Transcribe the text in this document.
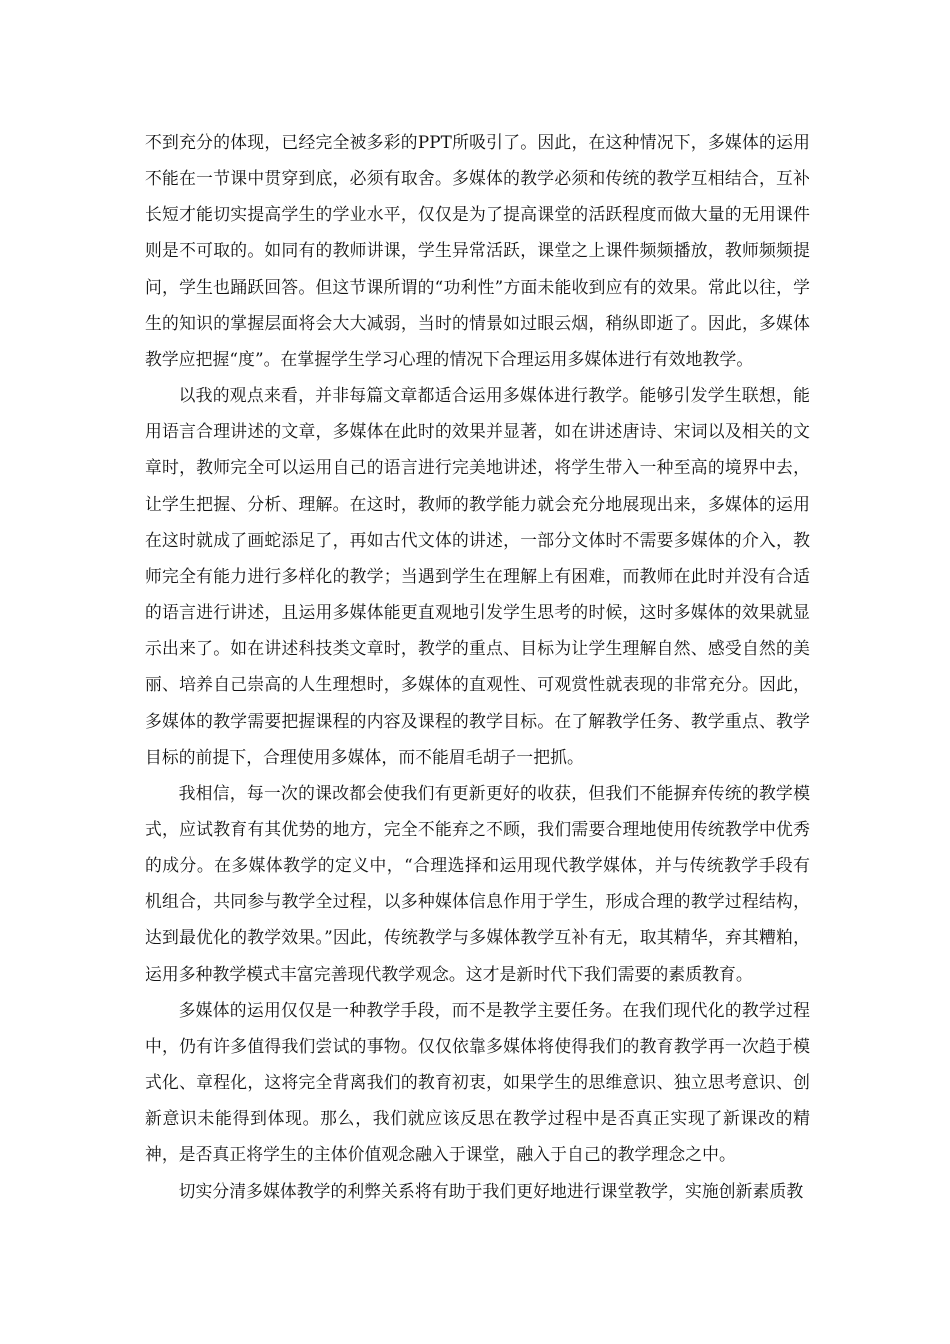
不到充分的体现，已经完全被多彩的PPT所吸引了。因此，在这种情况下，多媒体的运用不能在一节课中贯穿到底，必须有取舍。多媒体的教学必须和传统的教学互相结合，互补长短才能切实提高学生的学业水平，仅仅是为了提高课堂的活跃程度而做大量的无用课件则是不可取的。如同有的教师讲课，学生异常活跃，课堂之上课件频频播放，教师频频提问，学生也踊跃回答。但这节课所谓的“功利性”方面未能收到应有的效果。常此以往，学生的知识的掌握层面将会大大减弱，当时的情景如过眼云烟，稍纵即逝了。因此，多媒体教学应把握“度”。在掌握学生学习心理的情况下合理运用多媒体进行有效地教学。

以我的观点来看，并非每篇文章都适合运用多媒体进行教学。能够引发学生联想，能用语言合理讲述的文章，多媒体在此时的效果并显著，如在讲述唐诗、宋词以及相关的文章时，教师完全可以运用自己的语言进行完美地讲述，将学生带入一种至高的境界中去，让学生把握、分析、理解。在这时，教师的教学能力就会充分地展现出来，多媒体的运用在这时就成了画蛇添足了，再如古代文体的讲述，一部分文体时不需要多媒体的介入，教师完全有能力进行多样化的教学；当遇到学生在理解上有困难，而教师在此时并没有合适的语言进行讲述，且运用多媒体能更直观地引发学生思考的时候，这时多媒体的效果就显示出来了。如在讲述科技类文章时，教学的重点、目标为让学生理解自然、感受自然的美丽、培养自己崇高的人生理想时，多媒体的直观性、可观赏性就表现的非常充分。因此，多媒体的教学需要把握课程的内容及课程的教学目标。在了解教学任务、教学重点、教学目标的前提下，合理使用多媒体，而不能眉毛胡子一把抓。

我相信，每一次的课改都会使我们有更新更好的收获，但我们不能摒弃传统的教学模式，应试教育有其优势的地方，完全不能弃之不顾，我们需要合理地使用传统教学中优秀的成分。在多媒体教学的定义中，“合理选择和运用现代教学媒体，并与传统教学手段有机组合，共同参与教学全过程，以多种媒体信息作用于学生，形成合理的教学过程结构，达到最优化的教学效果。”因此，传统教学与多媒体教学互补有无，取其精华，弃其糟粕，运用多种教学模式丰富完善现代教学观念。这才是新时代下我们需要的素质教育。

多媒体的运用仅仅是一种教学手段，而不是教学主要任务。在我们现代化的教学过程中，仍有许多值得我们尝试的事物。仅仅依靠多媒体将使得我们的教育教学再一次趋于模式化、章程化，这将完全背离我们的教育初衷，如果学生的思维意识、独立思考意识、创新意识未能得到体现。那么，我们就应该反思在教学过程中是否真正实现了新课改的精神，是否真正将学生的主体价值观念融入于课堂，融入于自己的教学理念之中。

切实分清多媒体教学的利弊关系将有助于我们更好地进行课堂教学，实施创新素质教
